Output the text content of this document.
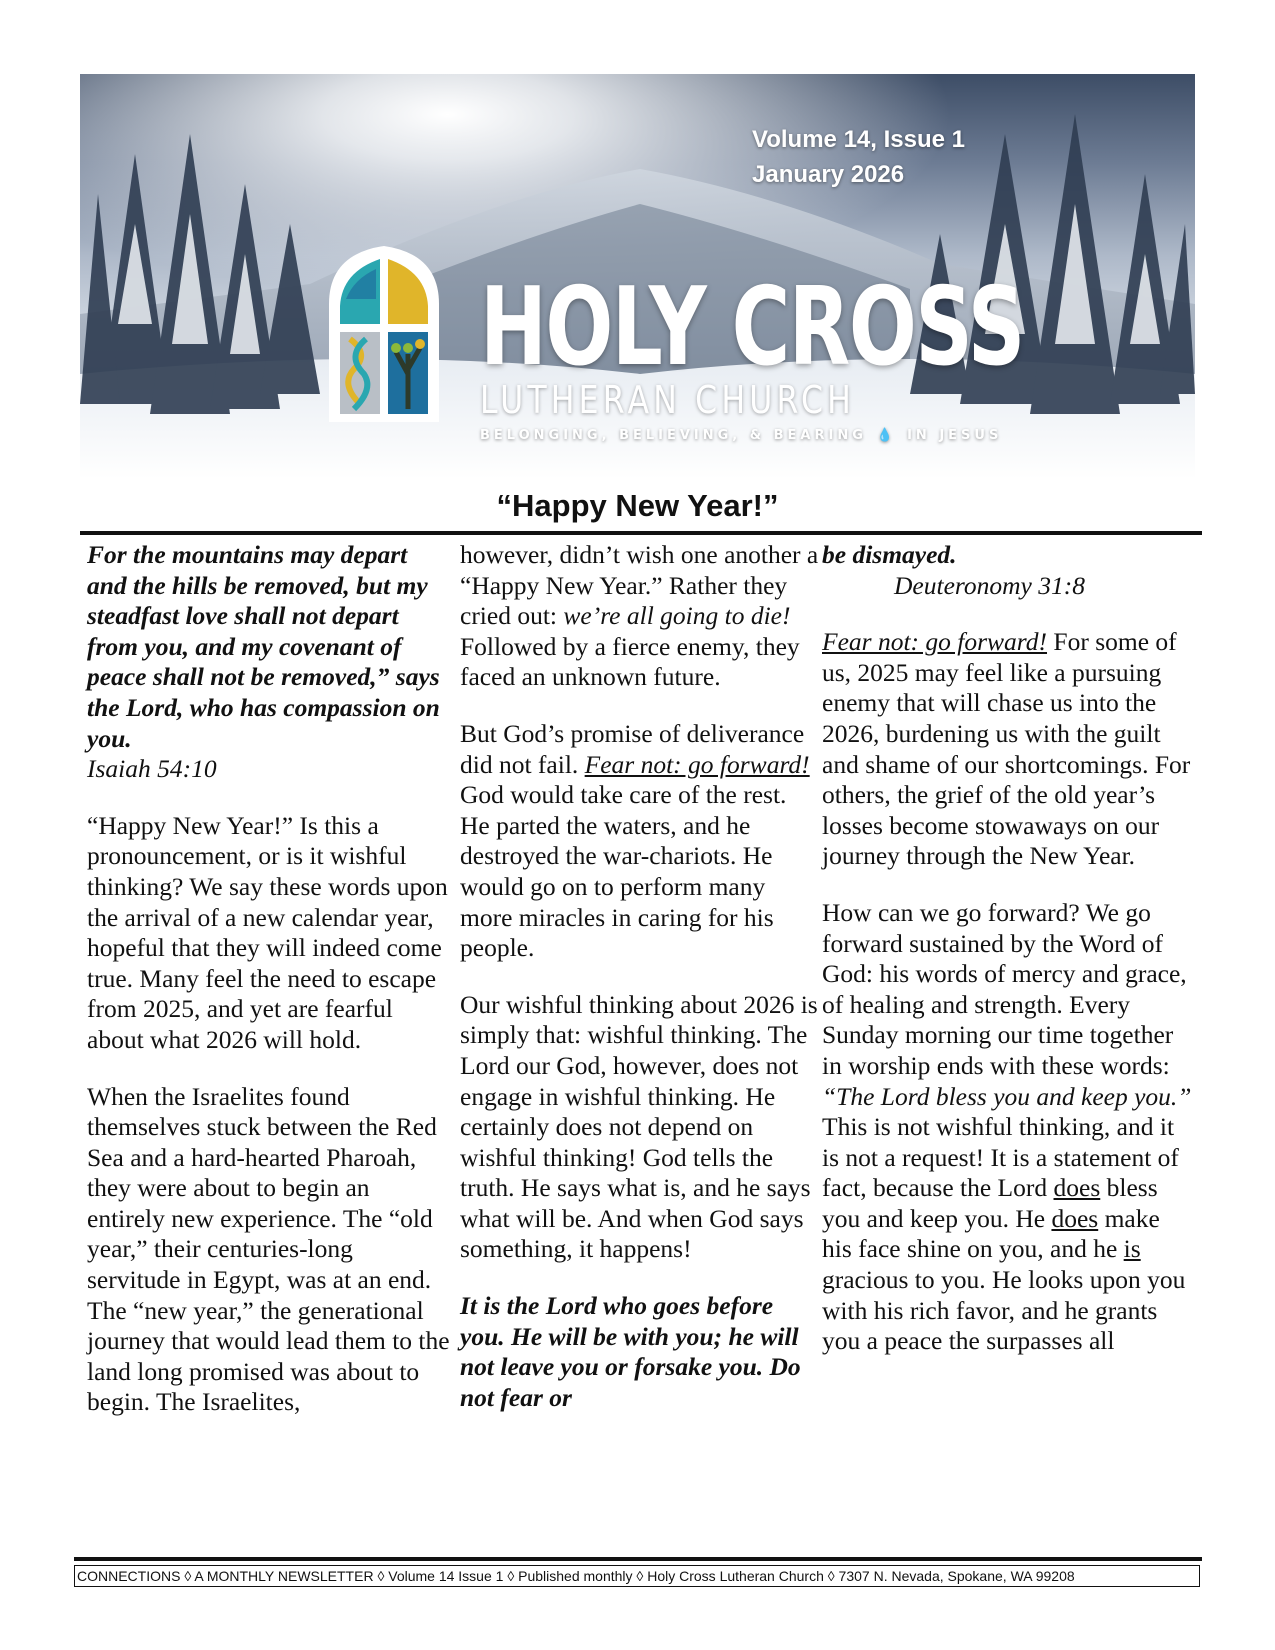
Volume 14, Issue 1
January 2026
HOLY CROSS
LUTHERAN CHURCH
BELONGING, BELIEVING, & BEARING 💧 IN JESUS
“Happy New Year!”

For the mountains may depart and the hills be removed, but my steadfast love shall not depart from you, and my covenant of peace shall not be removed,” says the Lord, who has compassion on you.

Isaiah 54:10

“Happy New Year!” Is this a pronouncement, or is it wishful thinking? We say these words upon the arrival of a new calendar year, hopeful that they will indeed come true. Many feel the need to escape from 2025, and yet are fearful about what 2026 will hold.

When the Israelites found themselves stuck between the Red Sea and a hard-hearted Pharoah, they were about to begin an entirely new experience. The “old year,” their centuries-long servitude in Egypt, was at an end. The “new year,” the generational journey that would lead them to the land long promised was about to begin. The Israelites,

however, didn’t wish one another a “Happy New Year.” Rather they cried out: we’re all going to die! Followed by a fierce enemy, they faced an unknown future.

But God’s promise of deliverance did not fail. Fear not: go forward! God would take care of the rest. He parted the waters, and he destroyed the war-chariots. He would go on to perform many more miracles in caring for his people.

Our wishful thinking about 2026 is simply that: wishful thinking. The Lord our God, however, does not engage in wishful thinking. He certainly does not depend on wishful thinking! God tells the truth. He says what is, and he says what will be. And when God says something, it happens!

It is the Lord who goes before you. He will be with you; he will not leave you or forsake you. Do not fear or

be dismayed.

Deuteronomy 31:8

Fear not: go forward! For some of us, 2025 may feel like a pursuing enemy that will chase us into the 2026, burdening us with the guilt and shame of our shortcomings. For others, the grief of the old year’s losses become stowaways on our journey through the New Year.

How can we go forward? We go forward sustained by the Word of God: his words of mercy and grace, of healing and strength. Every Sunday morning our time together in worship ends with these words: “The Lord bless you and keep you.” This is not wishful thinking, and it is not a request! It is a statement of fact, because the Lord does bless you and keep you. He does make his face shine on you, and he is gracious to you. He looks upon you with his rich favor, and he grants you a peace the surpasses all

CONNECTIONS ◊ A MONTHLY NEWSLETTER ◊ Volume 14 Issue 1 ◊ Published monthly ◊ Holy Cross Lutheran Church ◊ 7307 N. Nevada, Spokane, WA 99208
